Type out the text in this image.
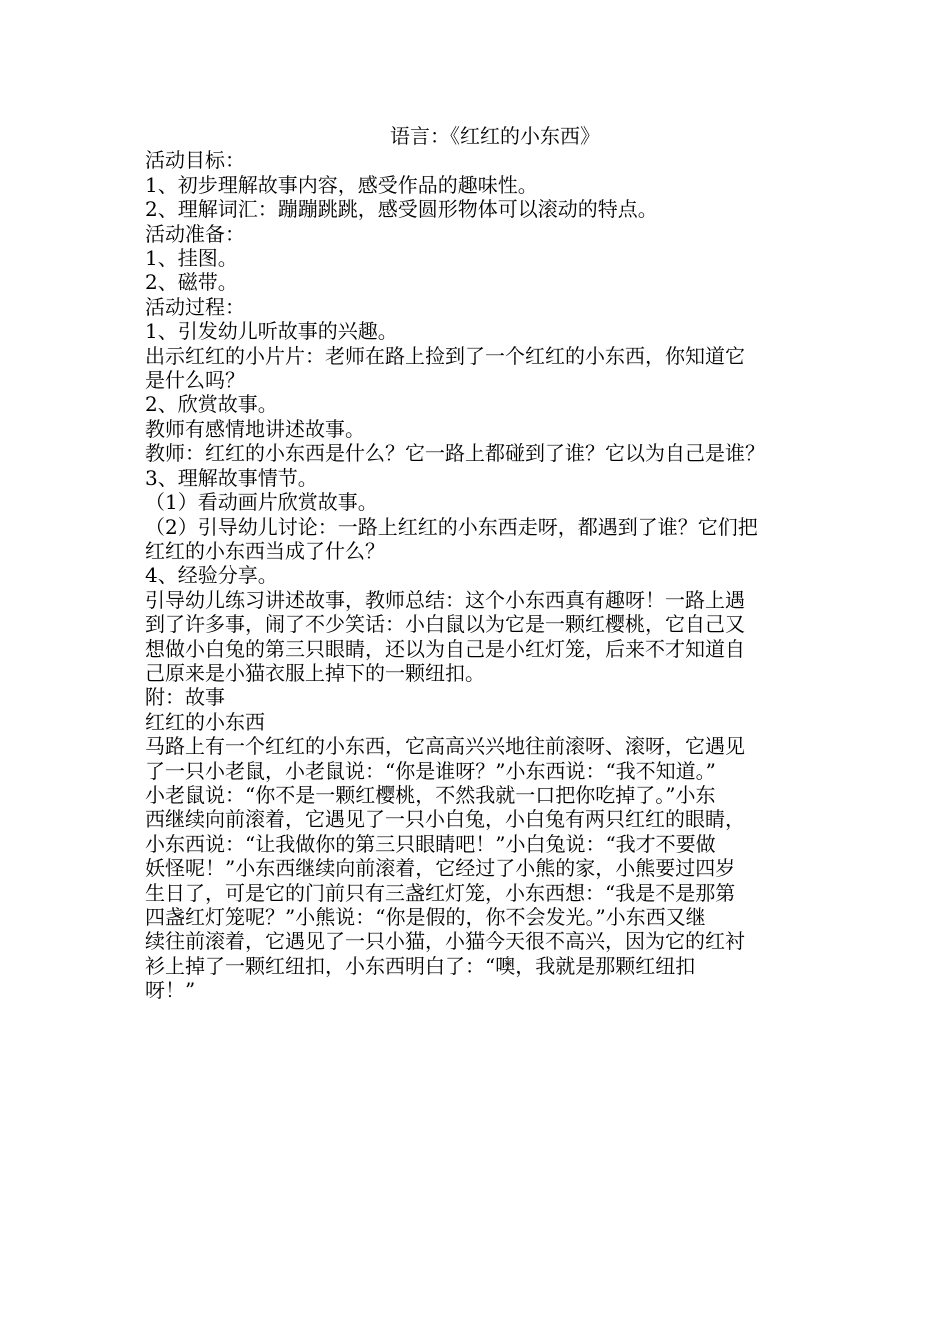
语言：《红红的小东西》

活动目标：

1、初步理解故事内容，感受作品的趣味性。

2、理解词汇：蹦蹦跳跳，感受圆形物体可以滚动的特点。

活动准备：

1、挂图。

2、磁带。

活动过程：

1、引发幼儿听故事的兴趣。

出示红红的小片片：老师在路上捡到了一个红红的小东西，你知道它

是什么吗？

2、欣赏故事。

教师有感情地讲述故事。

教师：红红的小东西是什么？它一路上都碰到了谁？它以为自己是谁？

3、理解故事情节。

（1）看动画片欣赏故事。

（2）引导幼儿讨论：一路上红红的小东西走呀，都遇到了谁？它们把

红红的小东西当成了什么？

4、经验分享。

引导幼儿练习讲述故事，教师总结：这个小东西真有趣呀！一路上遇

到了许多事，闹了不少笑话：小白鼠以为它是一颗红樱桃，它自己又

想做小白兔的第三只眼睛，还以为自己是小红灯笼，后来不才知道自

己原来是小猫衣服上掉下的一颗纽扣。

附：故事

红红的小东西

马路上有一个红红的小东西，它高高兴兴地往前滚呀、滚呀，它遇见

了一只小老鼠，小老鼠说：“你是谁呀？”小东西说：“我不知道。”

小老鼠说：“你不是一颗红樱桃，不然我就一口把你吃掉了。”小东

西继续向前滚着，它遇见了一只小白兔，小白兔有两只红红的眼睛，

小东西说：“让我做你的第三只眼睛吧！”小白兔说：“我才不要做

妖怪呢！”小东西继续向前滚着，它经过了小熊的家，小熊要过四岁

生日了，可是它的门前只有三盏红灯笼，小东西想：“我是不是那第

四盏红灯笼呢？”小熊说：“你是假的，你不会发光。”小东西又继

续往前滚着，它遇见了一只小猫，小猫今天很不高兴，因为它的红衬

衫上掉了一颗红纽扣，小东西明白了：“噢，我就是那颗红纽扣

呀！”
